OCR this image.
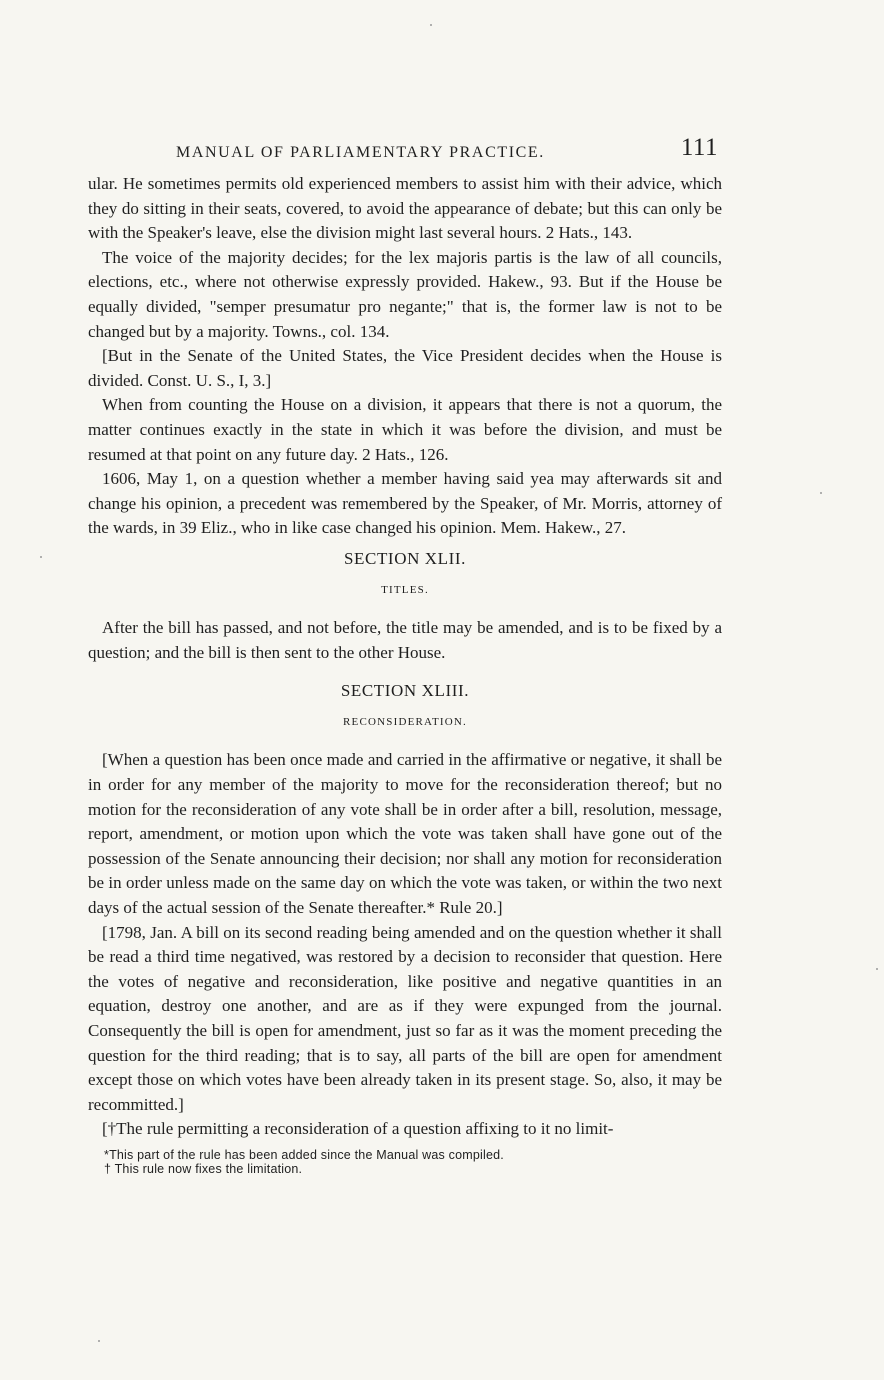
MANUAL OF PARLIAMENTARY PRACTICE.	111

ular. He sometimes permits old experienced members to assist him with their advice, which they do sitting in their seats, covered, to avoid the appearance of debate; but this can only be with the Speaker's leave, else the division might last several hours. 2 Hats., 143.

The voice of the majority decides; for the lex majoris partis is the law of all councils, elections, etc., where not otherwise expressly provided. Hakew., 93. But if the House be equally divided, "semper presumatur pro negante;" that is, the former law is not to be changed but by a majority. Towns., col. 134.

[But in the Senate of the United States, the Vice President decides when the House is divided. Const. U. S., I, 3.]

When from counting the House on a division, it appears that there is not a quorum, the matter continues exactly in the state in which it was before the division, and must be resumed at that point on any future day. 2 Hats., 126.

1606, May 1, on a question whether a member having said yea may afterwards sit and change his opinion, a precedent was remembered by the Speaker, of Mr. Morris, attorney of the wards, in 39 Eliz., who in like case changed his opinion. Mem. Hakew., 27.

SECTION XLII.
TITLES.

After the bill has passed, and not before, the title may be amended, and is to be fixed by a question; and the bill is then sent to the other House.

SECTION XLIII.
RECONSIDERATION.

[When a question has been once made and carried in the affirmative or negative, it shall be in order for any member of the majority to move for the reconsideration thereof; but no motion for the reconsideration of any vote shall be in order after a bill, resolution, message, report, amendment, or motion upon which the vote was taken shall have gone out of the possession of the Senate announcing their decision; nor shall any motion for reconsideration be in order unless made on the same day on which the vote was taken, or within the two next days of the actual session of the Senate thereafter.* Rule 20.]

[1798, Jan. A bill on its second reading being amended and on the question whether it shall be read a third time negatived, was restored by a decision to reconsider that question. Here the votes of negative and reconsideration, like positive and negative quantities in an equation, destroy one another, and are as if they were expunged from the journal. Consequently the bill is open for amendment, just so far as it was the moment preceding the question for the third reading; that is to say, all parts of the bill are open for amendment except those on which votes have been already taken in its present stage. So, also, it may be recommitted.]

[†The rule permitting a reconsideration of a question affixing to it no limit-

*This part of the rule has been added since the Manual was compiled.
† This rule now fixes the limitation.
